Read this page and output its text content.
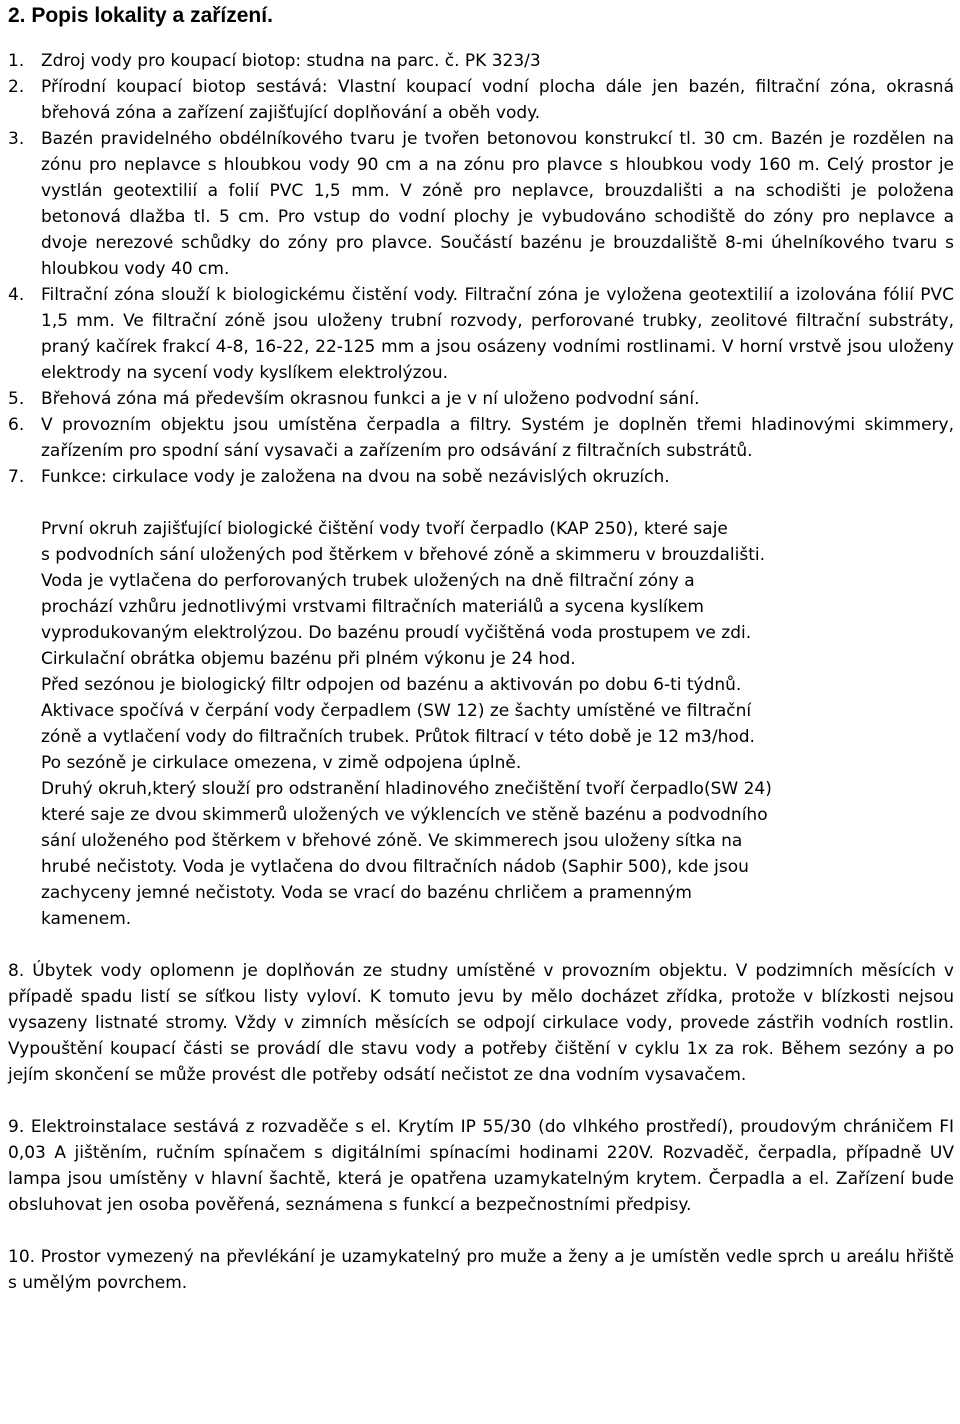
2. Popis lokality a zařízení.
1. Zdroj vody pro koupací biotop: studna na parc. č. PK 323/3
2. Přírodní koupací biotop sestává: Vlastní koupací vodní plocha dále jen bazén, filtrační zóna, okrasná břehová zóna a zařízení zajišťující doplňování a oběh vody.
3. Bazén pravidelného obdélníkového tvaru je tvořen betonovou konstrukcí tl. 30 cm. Bazén je rozdělen na zónu pro neplavce s hloubkou vody 90 cm a na zónu pro plavce s hloubkou vody 160 m. Celý prostor je vystlán geotextilií a folií PVC 1,5 mm. V zóně pro neplavce, brouzdališti a na schodišti je položena betonová dlažba tl. 5 cm. Pro vstup do vodní plochy je vybudováno schodiště do zóny pro neplavce a dvoje nerezové schůdky do zóny pro plavce. Součástí bazénu je brouzdaliště 8-mi úhelníkového tvaru s hloubkou vody 40 cm.
4. Filtrační zóna slouží k biologickému čistění vody. Filtrační zóna je vyložena geotextilií a izolována fólií PVC 1,5 mm. Ve filtrační zóně jsou uloženy trubní rozvody, perforované trubky, zeolitové filtrační substráty, praný kačírek frakcí 4-8, 16-22, 22-125 mm a jsou osázeny vodními rostlinami. V horní vrstvě jsou uloženy elektrody na sycení vody kyslíkem elektrolýzou.
5. Břehová zóna má především okrasnou funkci a je v ní uloženo podvodní sání.
6. V provozním objektu jsou umístěna čerpadla a filtry. Systém je doplněn třemi hladinovými skimmery, zařízením pro spodní sání vysavači a zařízením pro odsávání z filtračních substrátů.
7. Funkce: cirkulace vody je založena na dvou na sobě nezávislých okruzích.
První okruh zajišťující biologické čištění vody tvoří čerpadlo (KAP 250), které saje
s podvodních sání uložených pod štěrkem v břehové zóně a skimmeru v brouzdališti.
Voda je vytlačena do perforovaných trubek uložených na dně filtrační zóny a
prochází vzhůru jednotlivými vrstvami filtračních materiálů a sycena kyslíkem
vyprodukovaným elektrolýzou. Do bazénu proudí vyčištěná voda prostupem ve zdi.
Cirkulační obrátka objemu bazénu při plném výkonu je 24 hod.
Před sezónou je biologický filtr odpojen od bazénu a aktivován po dobu 6-ti týdnů.
Aktivace spočívá v čerpání vody čerpadlem (SW 12) ze šachty umístěné ve filtrační
zóně a vytlačení vody do filtračních trubek. Průtok filtrací v této době je 12 m3/hod.
Po sezóně je cirkulace omezena, v zimě odpojena úplně.
Druhý okruh,který slouží pro odstranění hladinového znečištění tvoří čerpadlo(SW 24)
které saje ze dvou skimmerů uložených ve výklencích ve stěně bazénu a podvodního
sání uloženého pod štěrkem v břehové zóně. Ve skimmerech jsou uloženy sítka na
hrubé nečistoty. Voda je vytlačena do dvou filtračních nádob (Saphir 500), kde jsou
zachyceny jemné nečistoty. Voda se vrací do bazénu chrličem a pramenným
kamenem.
8. Úbytek vody oplomenn je doplňován ze studny umístěné v provozním objektu. V podzimních měsících v případě spadu listí se síťkou listy vyloví. K tomuto jevu by mělo docházet zřídka, protože v blízkosti nejsou vysazeny listnaté stromy. Vždy v zimních měsících se odpojí cirkulace vody, provede zástřih vodních rostlin. Vypouštění koupací části se provádí dle stavu vody a potřeby čištění v cyklu 1x za rok. Během sezóny a po jejím skončení se může provést dle potřeby odsátí nečistot ze dna vodním vysavačem.
9. Elektroinstalace sestává z rozvaděče s el. Krytím IP 55/30 (do vlhkého prostředí), proudovým chráničem FI 0,03 A jištěním, ručním spínačem s digitálními spínacími hodinami 220V. Rozvaděč, čerpadla, případně UV lampa jsou umístěny v hlavní šachtě, která je opatřena uzamykatelným krytem. Čerpadla a el. Zařízení bude obsluhovat jen osoba pověřená, seznámena s funkcí a bezpečnostními předpisy.
10. Prostor vymezený na převlékání je uzamykatelný pro muže a ženy a je umístěn vedle sprch u areálu hřiště s umělým povrchem.
